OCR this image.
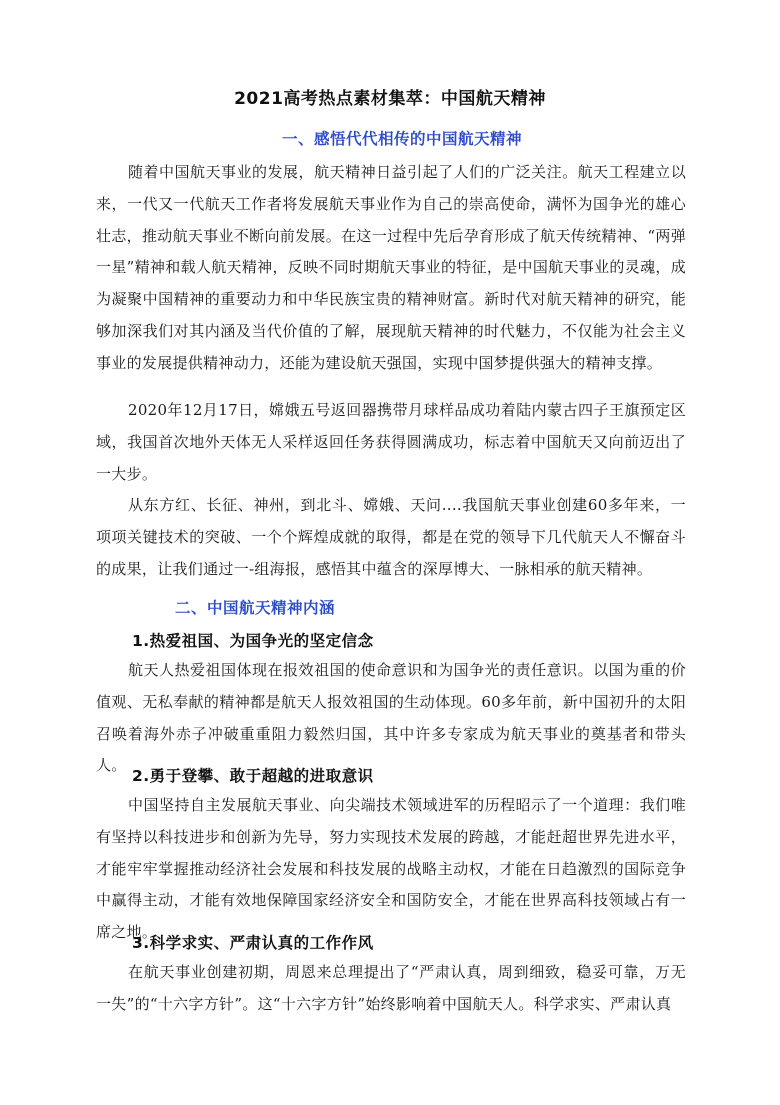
2021高考热点素材集萃：中国航天精神
一、感悟代代相传的中国航天精神
随着中国航天事业的发展，航天精神日益引起了人们的广泛关注。航天工程建立以来，一代又一代航天工作者将发展航天事业作为自己的崇高使命，满怀为国争光的雄心壮志，推动航天事业不断向前发展。在这一过程中先后孕育形成了航天传统精神、“两弹一星”精神和载人航天精神，反映不同时期航天事业的特征，是中国航天事业的灵魂，成为凝聚中国精神的重要动力和中华民族宝贵的精神财富。新时代对航天精神的研究，能够加深我们对其内涵及当代价值的了解，展现航天精神的时代魅力，不仅能为社会主义事业的发展提供精神动力，还能为建设航天强国，实现中国梦提供强大的精神支撑。
2020年12月17日，嫦娥五号返回器携带月球样品成功着陆内蒙古四子王旗预定区域，我国首次地外天体无人采样返回任务获得圆满成功，标志着中国航天又向前迈出了一大步。
从东方红、长征、神州，到北斗、嫦娥、天问....我国航天事业创建60多年来，一项项关键技术的突破、一个个辉煌成就的取得，都是在党的领导下几代航天人不懈奋斗的成果，让我们通过一-组海报，感悟其中蕴含的深厚博大、一脉相承的航天精神。
二、中国航天精神内涵
1.热爱祖国、为国争光的坚定信念
航天人热爱祖国体现在报效祖国的使命意识和为国争光的责任意识。以国为重的价值观、无私奉献的精神都是航天人报效祖国的生动体现。60多年前，新中国初升的太阳召唤着海外赤子冲破重重阻力毅然归国，其中许多专家成为航天事业的奠基者和带头人。
2.勇于登攀、敢于超越的进取意识
中国坚持自主发展航天事业、向尖端技术领域进军的历程昭示了一个道理：我们唯有坚持以科技进步和创新为先导，努力实现技术发展的跨越，才能赶超世界先进水平，才能牢牢掌握推动经济社会发展和科技发展的战略主动权，才能在日趋激烈的国际竞争中赢得主动，才能有效地保障国家经济安全和国防安全，才能在世界高科技领域占有一席之地。
3.科学求实、严肃认真的工作作风
在航天事业创建初期，周恩来总理提出了“严肃认真，周到细致，稳妥可靠，万无一失”的“十六字方针”。这“十六字方针”始终影响着中国航天人。科学求实、严肃认真
